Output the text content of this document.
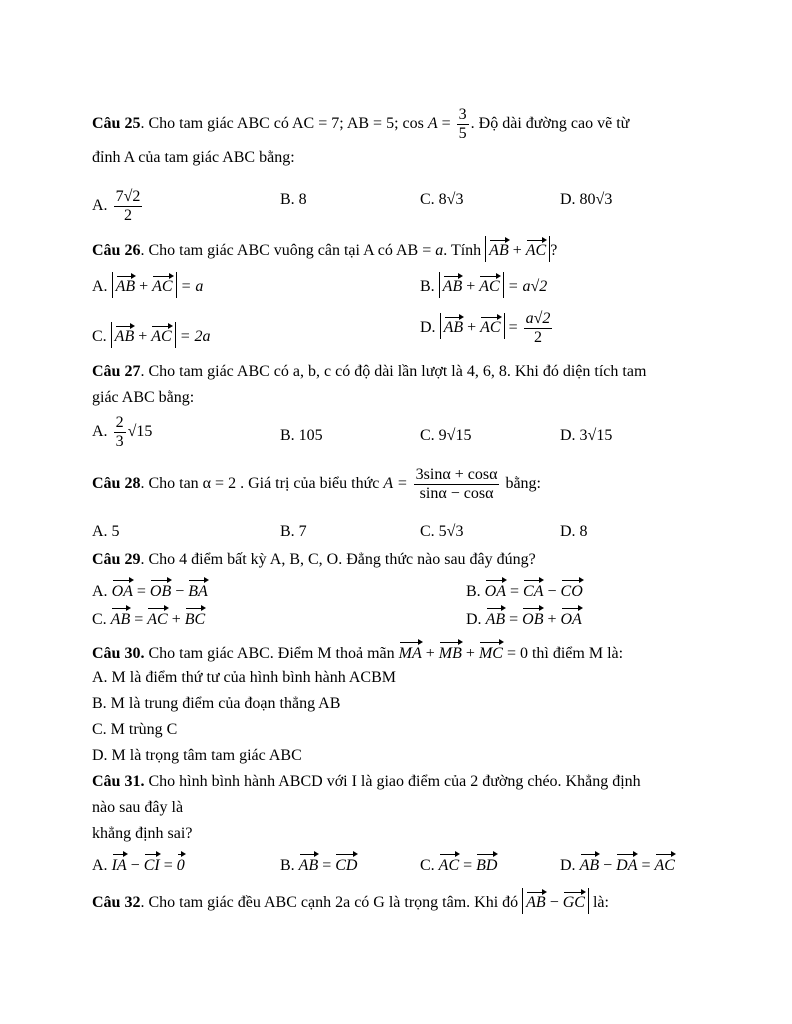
Câu 25. Cho tam giác ABC có AC = 7; AB = 5; $\cos A = \frac{3}{5}$ . Độ dài đường cao vẽ từ
đỉnh A của tam giác ABC bằng:
A. $\frac{7√2}{2}$	B. 8	C. 8√3	D. 80√3
Câu 26. Cho tam giác ABC vuông cân tại A có AB = a. Tính AB + AC ?
A. AB + AC = a	B. AB + AC = a√2
C. AB + AC = 2a
D. AB + AC = $\frac{a√2}{2}$
Câu 27. Cho tam giác ABC có a, b, c có độ dài lần lượt là 4, 6, 8. Khi đó diện tích tam
giác ABC bằng:
A. $\frac{2}{3} √15$	B. 105	C. 9√15	D. 3√15
Câu 28. Cho tan α = 2 . Giá trị của biểu thức $A = \frac{3\sin\alpha + \cos\alpha}{\sin\alpha - \cos\alpha}$ bằng:
A. 5	B. 7	C. 5√3	D. 8
Câu 29. Cho 4 điểm bất kỳ A, B, C, O. Đẳng thức nào sau đây đúng?
A. OA = OB − BA	B. OA = CA − CO
C. AB = AC + BC	D. AB = OB + OA
Câu 30. Cho tam giác ABC. Điểm M thoả mãn MA + MB + MC = 0 thì điểm M là:
A. M là điểm thứ tư của hình bình hành ACBM
B. M là trung điểm của đoạn thẳng AB
C. M trùng C
D. M là trọng tâm tam giác ABC
Câu 31. Cho hình bình hành ABCD với I là giao điểm của 2 đường chéo. Khẳng định
nào sau đây là
khẳng định sai?
A. IA − CI = 0	B. AB = CD	C. AC = BD	D. AB − DA = AC
Câu 32. Cho tam giác đều ABC cạnh 2a có G là trọng tâm. Khi đó AB − GC là:
